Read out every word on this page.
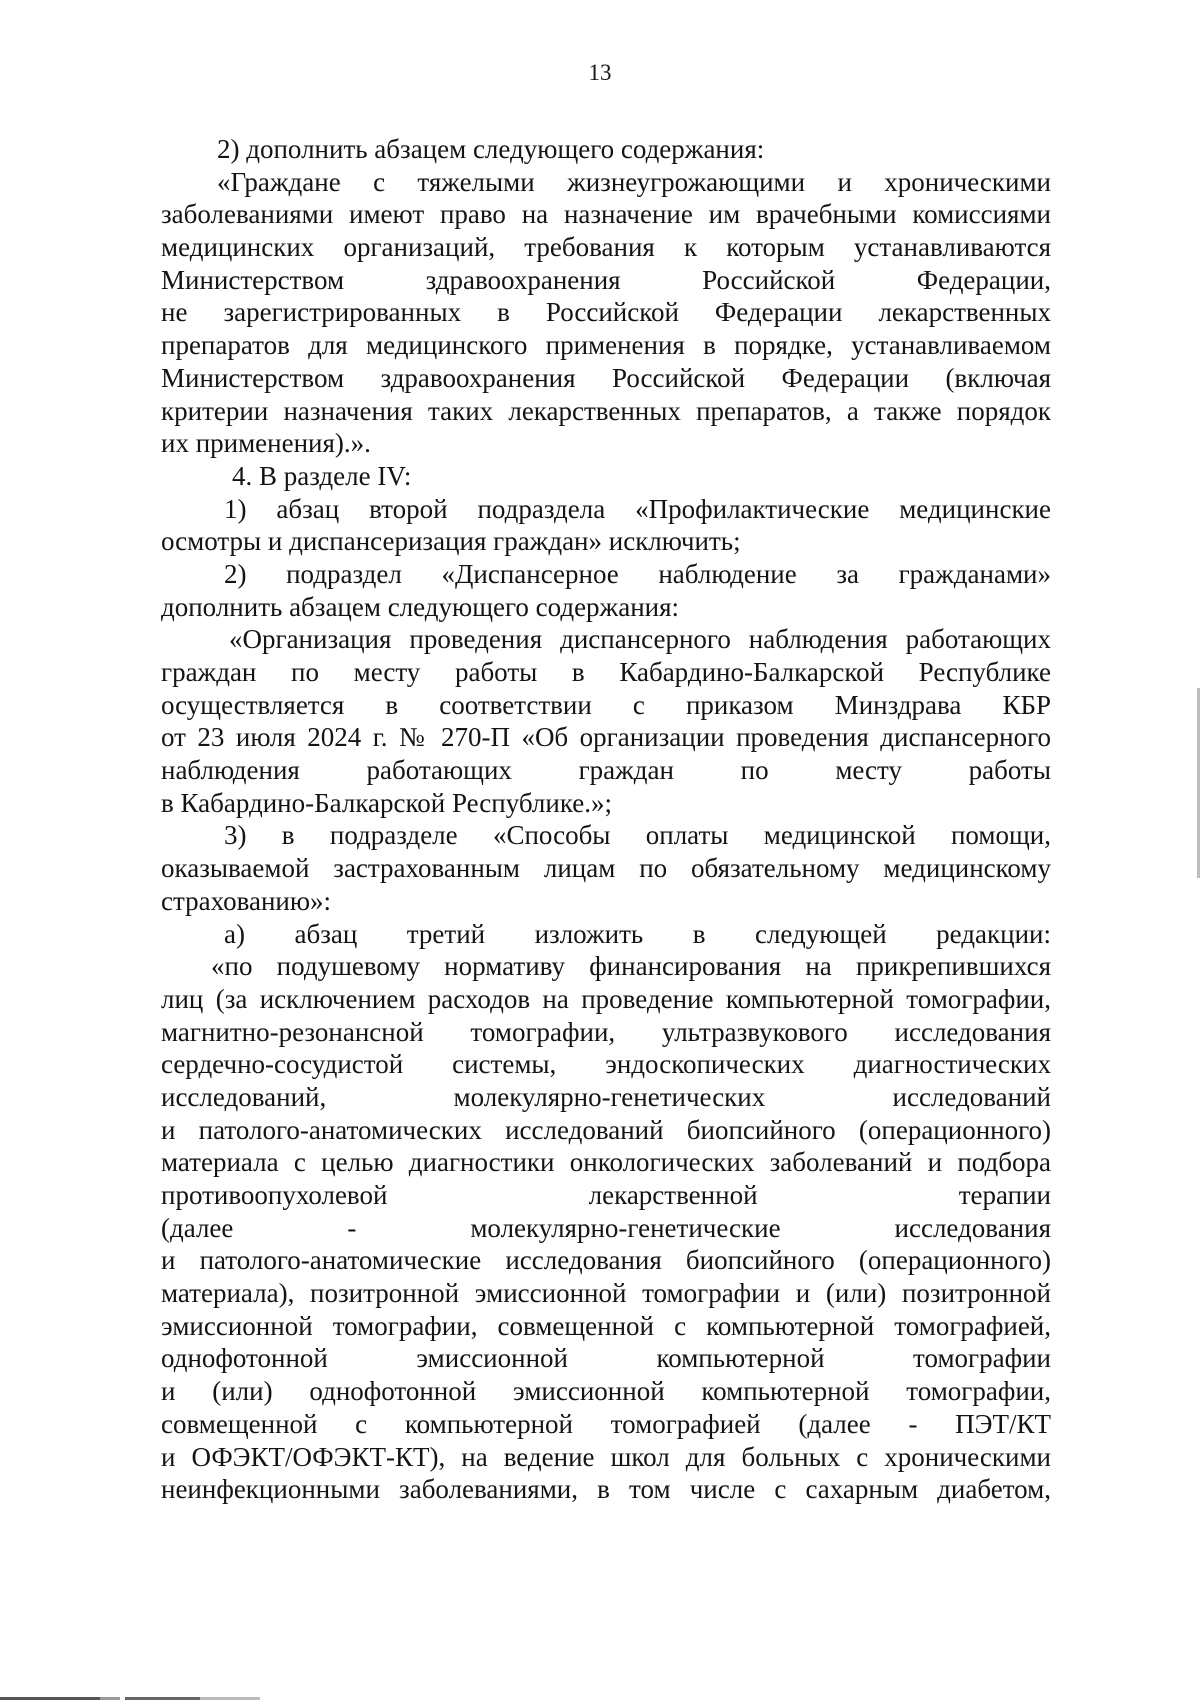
13
2) дополнить абзацем следующего содержания:
«Граждане с тяжелыми жизнеугрожающими и хроническими
заболеваниями имеют право на назначение им врачебными комиссиями
медицинских организаций, требования к которым устанавливаются
Министерством здравоохранения Российской Федерации,
не зарегистрированных в Российской Федерации лекарственных
препаратов для медицинского применения в порядке, устанавливаемом
Министерством здравоохранения Российской Федерации (включая
критерии назначения таких лекарственных препаратов, а также порядок
их применения).».
4. В разделе IV:
1) абзац второй подраздела «Профилактические медицинские
осмотры и диспансеризация граждан» исключить;
2) подраздел «Диспансерное наблюдение за гражданами»
дополнить абзацем следующего содержания:
«Организация проведения диспансерного наблюдения работающих
граждан по месту работы в Кабардино-Балкарской Республике
осуществляется в соответствии с приказом Минздрава КБР
от 23 июля 2024 г. № 270-П «Об организации проведения диспансерного
наблюдения работающих граждан по месту работы
в Кабардино-Балкарской Республике.»;
3) в подразделе «Способы оплаты медицинской помощи,
оказываемой застрахованным лицам по обязательному медицинскому
страхованию»:
а) абзац третий изложить в следующей редакции:
«по подушевому нормативу финансирования на прикрепившихся
лиц (за исключением расходов на проведение компьютерной томографии,
магнитно-резонансной томографии, ультразвукового исследования
сердечно-сосудистой системы, эндоскопических диагностических
исследований, молекулярно-генетических исследований
и патолого-анатомических исследований биопсийного (операционного)
материала с целью диагностики онкологических заболеваний и подбора
противоопухолевой лекарственной терапии
(далее - молекулярно-генетические исследования
и патолого-анатомические исследования биопсийного (операционного)
материала), позитронной эмиссионной томографии и (или) позитронной
эмиссионной томографии, совмещенной с компьютерной томографией,
однофотонной эмиссионной компьютерной томографии
и (или) однофотонной эмиссионной компьютерной томографии,
совмещенной с компьютерной томографией (далее - ПЭТ/КТ
и ОФЭКТ/ОФЭКТ-КТ), на ведение школ для больных с хроническими
неинфекционными заболеваниями, в том числе с сахарным диабетом,
